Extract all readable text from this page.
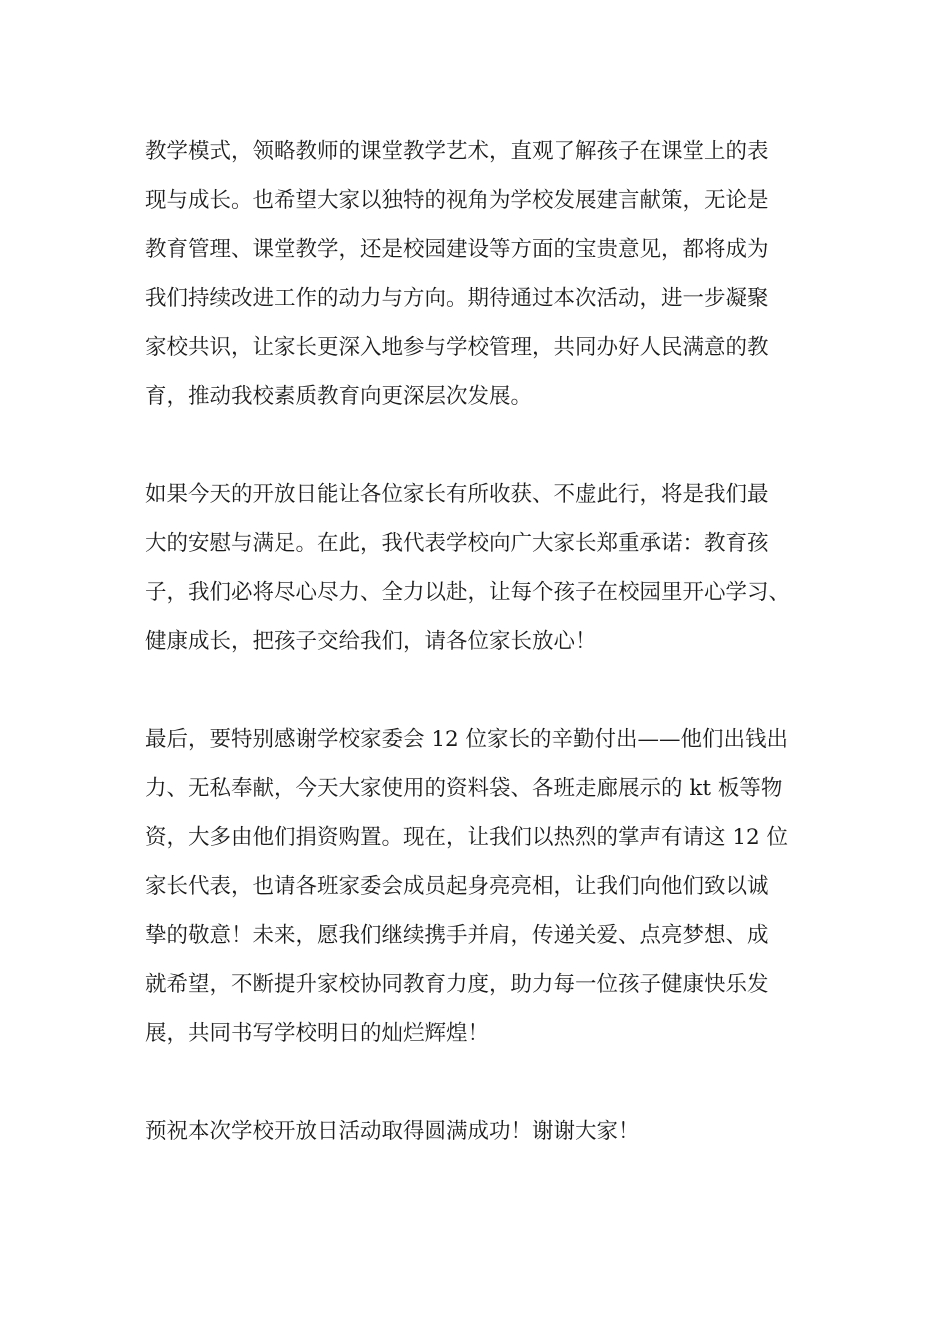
教学模式，领略教师的课堂教学艺术，直观了解孩子在课堂上的表
现与成长。也希望大家以独特的视角为学校发展建言献策，无论是
教育管理、课堂教学，还是校园建设等方面的宝贵意见，都将成为
我们持续改进工作的动力与方向。期待通过本次活动，进一步凝聚
家校共识，让家长更深入地参与学校管理，共同办好人民满意的教
育，推动我校素质教育向更深层次发展。

如果今天的开放日能让各位家长有所收获、不虚此行，将是我们最
大的安慰与满足。在此，我代表学校向广大家长郑重承诺：教育孩
子，我们必将尽心尽力、全力以赴，让每个孩子在校园里开心学习、
健康成长，把孩子交给我们，请各位家长放心！

最后，要特别感谢学校家委会 12 位家长的辛勤付出——他们出钱出
力、无私奉献，今天大家使用的资料袋、各班走廊展示的 kt 板等物
资，大多由他们捐资购置。现在，让我们以热烈的掌声有请这 12 位
家长代表，也请各班家委会成员起身亮亮相，让我们向他们致以诚
挚的敬意！未来，愿我们继续携手并肩，传递关爱、点亮梦想、成
就希望，不断提升家校协同教育力度，助力每一位孩子健康快乐发
展，共同书写学校明日的灿烂辉煌！

预祝本次学校开放日活动取得圆满成功！谢谢大家！
